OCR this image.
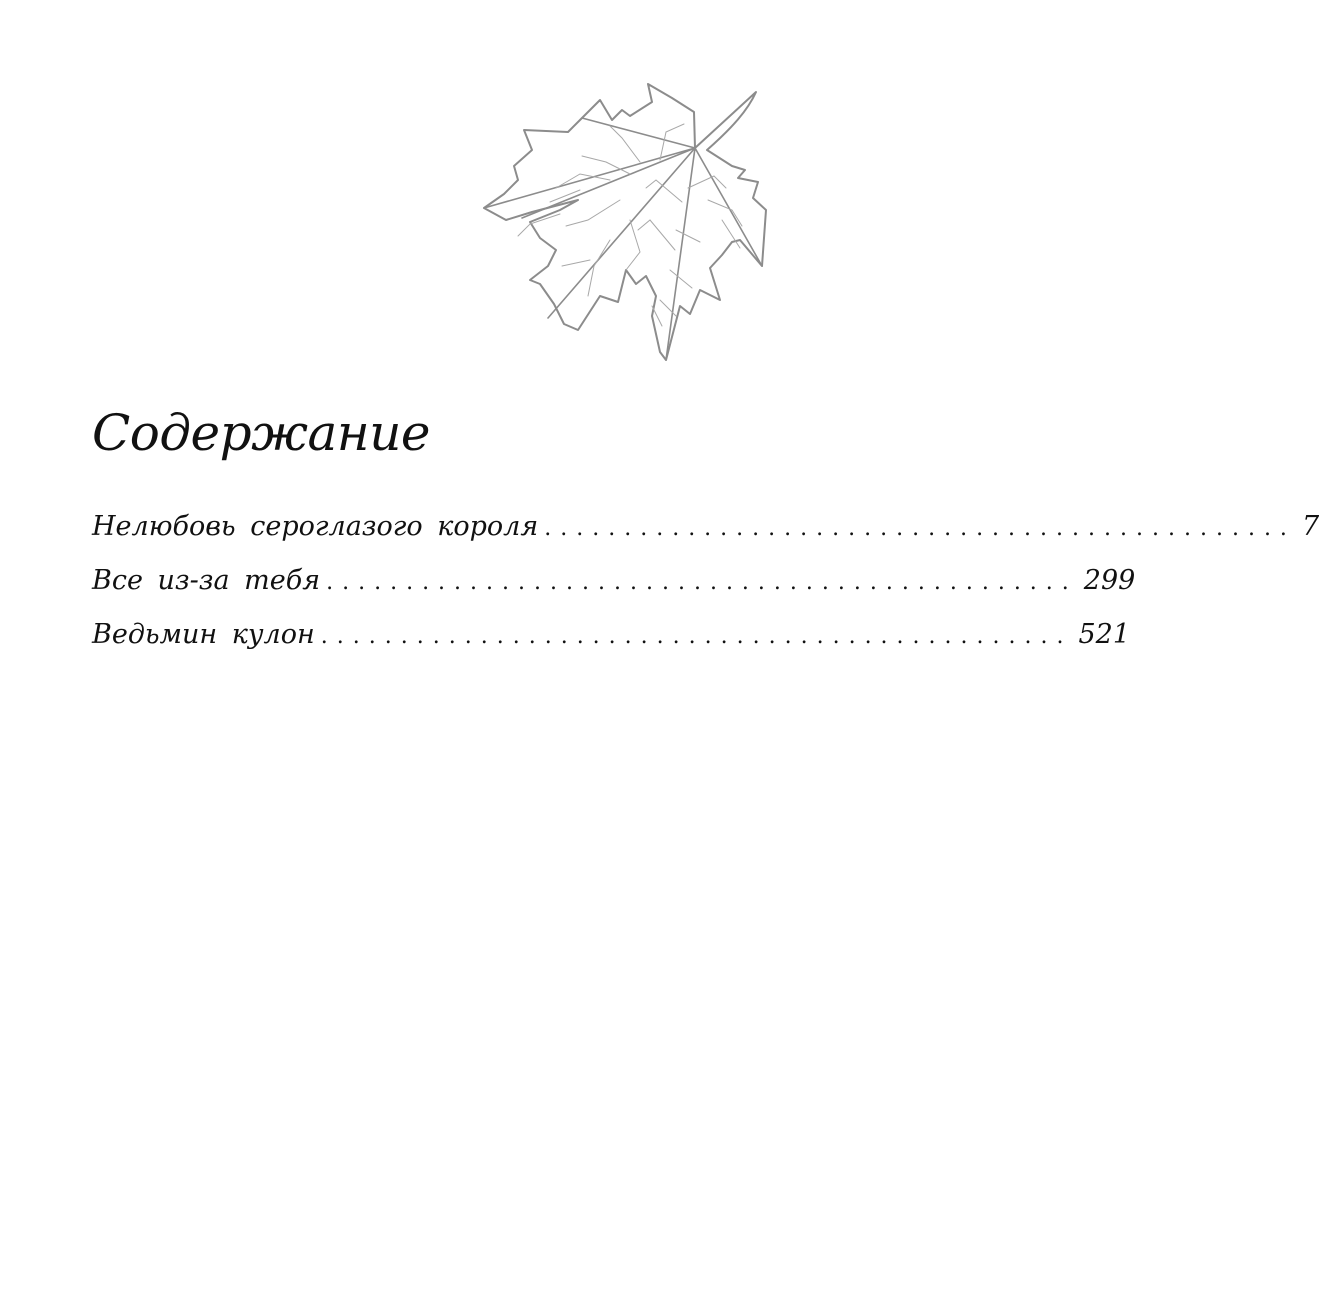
Содержание
Нелюбовь сероглазого короля ............................................... 7
Все из-за тебя ............................................... 299
Ведьмин кулон ............................................... 521
